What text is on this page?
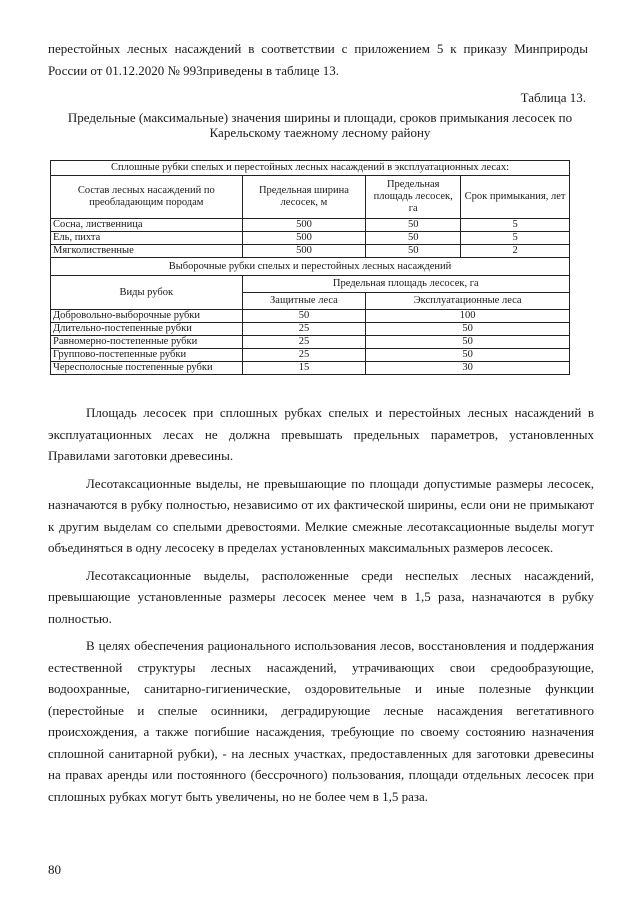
перестойных лесных насаждений в соответствии с приложением 5 к приказу Минприроды России от 01.12.2020 № 993приведены в таблице 13.
Таблица 13.
Предельные (максимальные) значения ширины и площади, сроков примыкания лесосек по Карельскому таежному лесному району
Сплошные рубки спелых и перестойных лесных насаждений в эксплуатационных лесах:			
Состав лесных насаждений по преобладающим породам	Предельная ширина лесосек, м	Предельная площадь лесосек, га	Срок примыкания, лет
Сосна, лиственница	500	50	5
Ель, пихта	500	50	5
Мягколиственные	500	50	2
Выборочные рубки спелых и перестойных лесных насаждений			
Виды рубок	Предельная площадь лесосек, га		
	Защитные леса	Эксплуатационные леса	
Добровольно-выборочные рубки	50	100	
Длительно-постепенные рубки	25	50	
Равномерно-постепенные рубки	25	50	
Группово-постепенные рубки	25	50	
Чересполосные постепенные рубки	15	30	

Площадь лесосек при сплошных рубках спелых и перестойных лесных насаждений в эксплуатационных лесах не должна превышать предельных параметров, установленных Правилами заготовки древесины.

Лесотаксационные выделы, не превышающие по площади допустимые размеры лесосек, назначаются в рубку полностью, независимо от их фактической ширины, если они не примыкают к другим выделам со спелыми древостоями. Мелкие смежные лесотаксационные выделы могут объединяться в одну лесосеку в пределах установленных максимальных размеров лесосек.

Лесотаксационные выделы, расположенные среди неспелых лесных насаждений, превышающие установленные размеры лесосек менее чем в 1,5 раза, назначаются в рубку полностью.

В целях обеспечения рационального использования лесов, восстановления и поддержания естественной структуры лесных насаждений, утрачивающих свои средообразующие, водоохранные, санитарно-гигиенические, оздоровительные и иные полезные функции (перестойные и спелые осинники, деградирующие лесные насаждения вегетативного происхождения, а также погибшие насаждения, требующие по своему состоянию назначения сплошной санитарной рубки), - на лесных участках, предоставленных для заготовки древесины на правах аренды или постоянного (бессрочного) пользования, площади отдельных лесосек при сплошных рубках могут быть увеличены, но не более чем в 1,5 раза.

80
